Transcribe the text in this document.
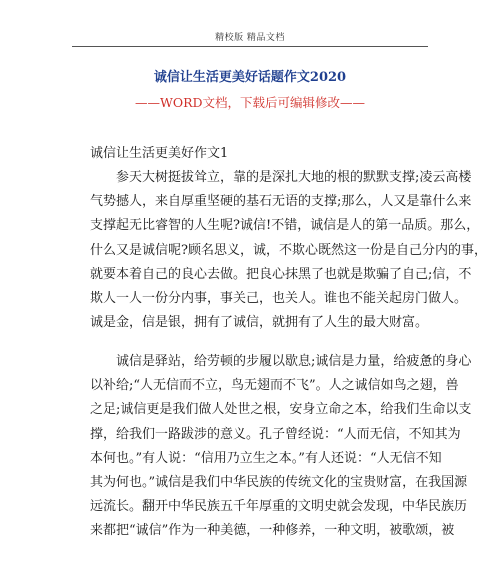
精校版 精品文档
诚信让生活更美好话题作文2020
——WORD文档，下载后可编辑修改——
诚信让生活更美好作文1
参天大树挺拔耸立，靠的是深扎大地的根的默默支撑;凌云高楼
气势撼人，来自厚重坚硬的基石无语的支撑;那么，人又是靠什么来
支撑起无比睿智的人生呢?诚信!不错，诚信是人的第一品质。那么，
什么又是诚信呢?顾名思义，诚，不欺心既然这一份是自己分内的事，
就要本着自己的良心去做。把良心抹黑了也就是欺骗了自己;信，不
欺人一人一份分内事，事关己，也关人。谁也不能关起房门做人。
诚是金，信是银，拥有了诚信，就拥有了人生的最大财富。
诚信是驿站，给劳顿的步履以歇息;诚信是力量，给疲惫的身心
以补给;“人无信而不立，鸟无翅而不飞”。人之诚信如鸟之翅，兽
之足;诚信更是我们做人处世之根，安身立命之本，给我们生命以支
撑，给我们一路跋涉的意义。孔子曾经说：“人而无信，不知其为
本何也。”有人说：“信用乃立生之本。”有人还说：“人无信不知
其为何也。”诚信是我们中华民族的传统文化的宝贵财富，在我国源
远流长。翻开中华民族五千年厚重的文明史就会发现，中华民族历
来都把“诚信”作为一种美德，一种修养，一种文明，被歌颂，被
